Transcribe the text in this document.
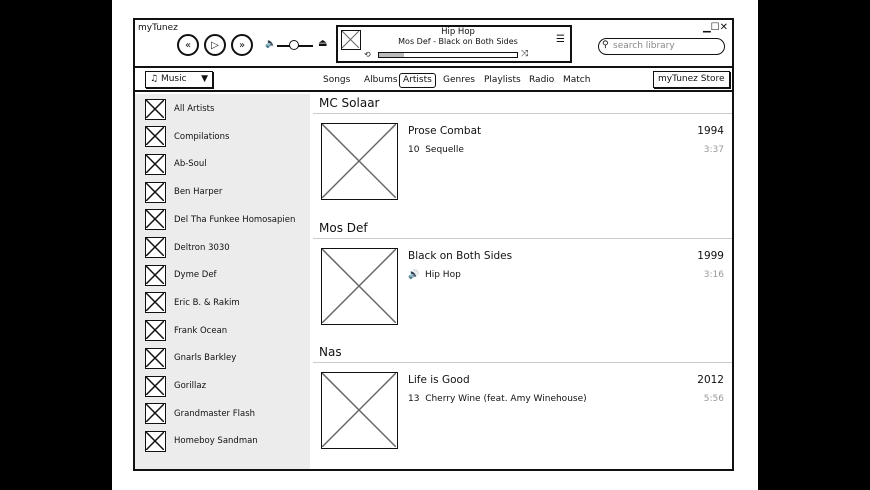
myTunez	▁☐✕
« ▷ » 🔈	⏏
Hip Hop
Mos Def - Black on Both Sides
⟲	⤨
☰
search library
⚲
♫ Music ▼	Songs	Albums Artists	Genres	Playlists Radio Match	myTunez Store
All Artists
Compilations
Ab-Soul
Ben Harper
Del Tha Funkee Homosapien
Deltron 3030
Dyme Def
Eric B. & Rakim
Frank Ocean
Gnarls Barkley
Gorillaz
Grandmaster Flash
Homeboy Sandman
MC Solaar
Prose Combat	1994
10 Sequelle	3:37
Mos Def
Black on Both Sides	1999
🔊 Hip Hop	3:16
Nas
Life is Good	2012
13 Cherry Wine (feat. Amy Winehouse)	5:56
